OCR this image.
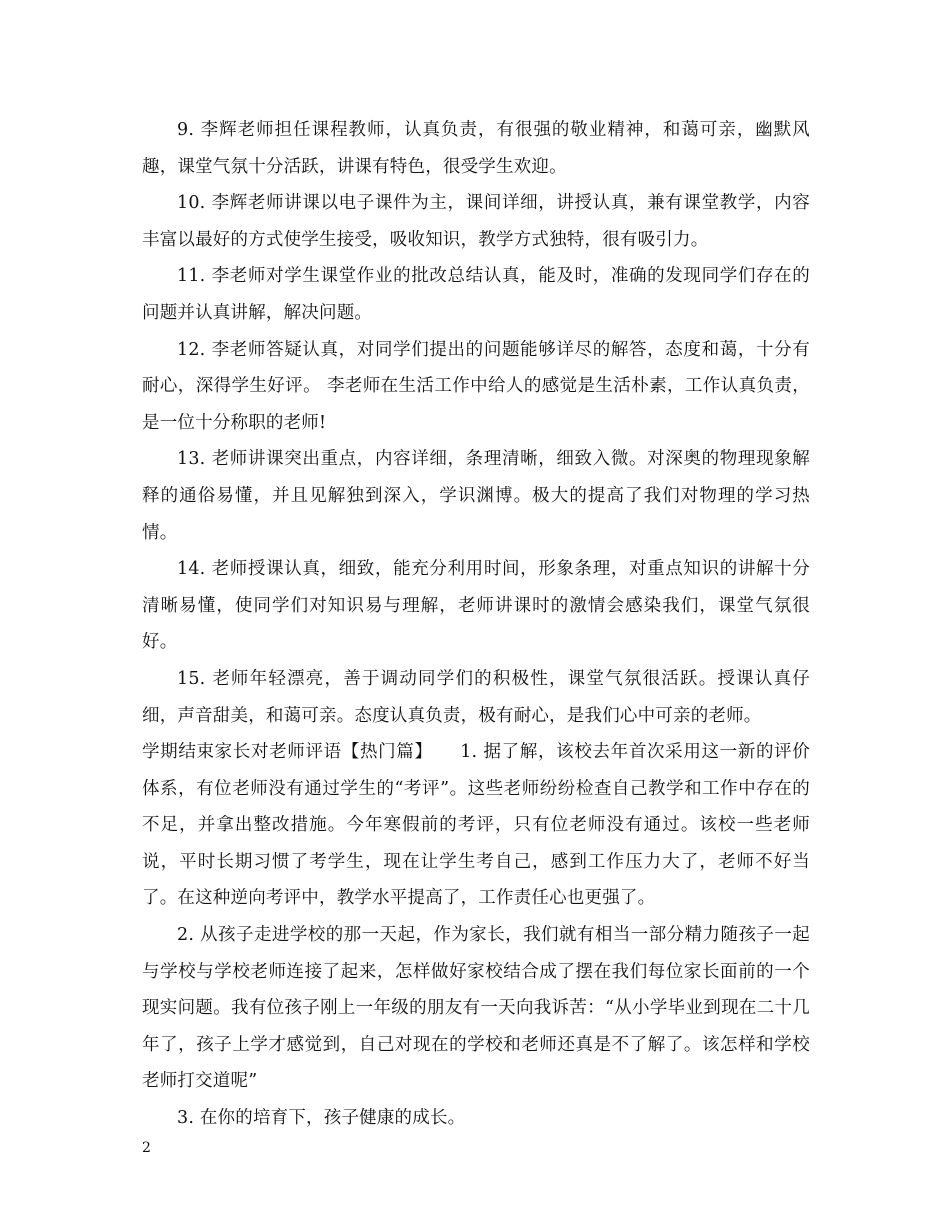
9. 李辉老师担任课程教师，认真负责，有很强的敬业精神，和蔼可亲，幽默风趣，课堂气氛十分活跃，讲课有特色，很受学生欢迎。

10. 李辉老师讲课以电子课件为主，课间详细，讲授认真，兼有课堂教学，内容丰富以最好的方式使学生接受，吸收知识，教学方式独特，很有吸引力。

11. 李老师对学生课堂作业的批改总结认真，能及时，准确的发现同学们存在的问题并认真讲解，解决问题。

12. 李老师答疑认真，对同学们提出的问题能够详尽的解答，态度和蔼，十分有耐心，深得学生好评。 李老师在生活工作中给人的感觉是生活朴素，工作认真负责，是一位十分称职的老师!

13. 老师讲课突出重点，内容详细，条理清晰，细致入微。对深奥的物理现象解释的通俗易懂，并且见解独到深入，学识渊博。极大的提高了我们对物理的学习热情。

14. 老师授课认真，细致，能充分利用时间，形象条理，对重点知识的讲解十分清晰易懂，使同学们对知识易与理解，老师讲课时的激情会感染我们，课堂气氛很好。

15. 老师年轻漂亮，善于调动同学们的积极性，课堂气氛很活跃。授课认真仔细，声音甜美，和蔼可亲。态度认真负责，极有耐心，是我们心中可亲的老师。

学期结束家长对老师评语【热门篇】　　1. 据了解，该校去年首次采用这一新的评价体系，有位老师没有通过学生的“考评”。这些老师纷纷检查自己教学和工作中存在的不足，并拿出整改措施。今年寒假前的考评，只有位老师没有通过。该校一些老师说，平时长期习惯了考学生，现在让学生考自己，感到工作压力大了，老师不好当了。在这种逆向考评中，教学水平提高了，工作责任心也更强了。

2. 从孩子走进学校的那一天起，作为家长，我们就有相当一部分精力随孩子一起与学校与学校老师连接了起来，怎样做好家校结合成了摆在我们每位家长面前的一个现实问题。我有位孩子刚上一年级的朋友有一天向我诉苦：“从小学毕业到现在二十几年了，孩子上学才感觉到，自己对现在的学校和老师还真是不了解了。该怎样和学校老师打交道呢”

3. 在你的培育下，孩子健康的成长。

2
